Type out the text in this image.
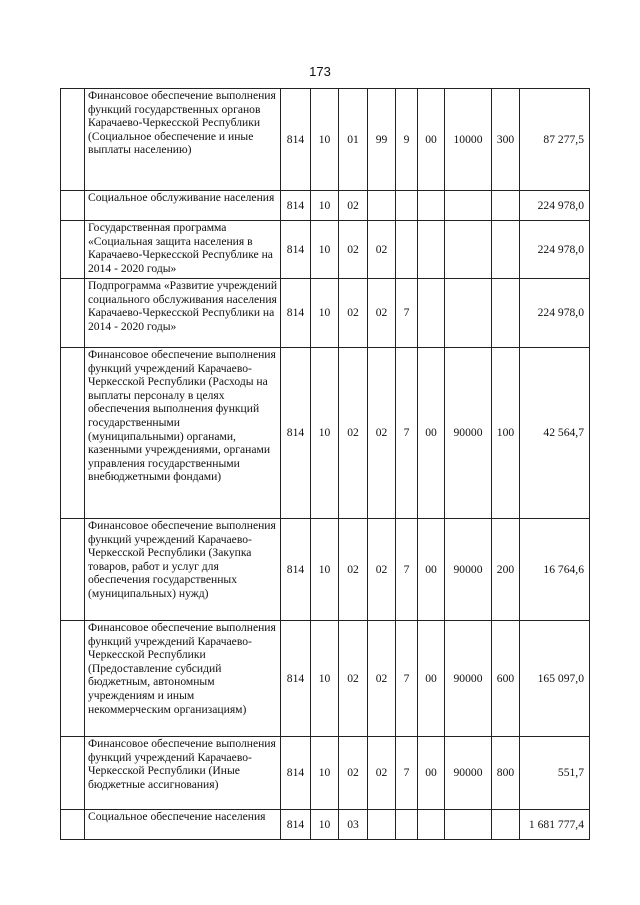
173
	Финансовое обеспечение выполнения функций государственных органов Карачаево-Черкесской Республики (Социальное обеспечение и иные выплаты населению)	814	10	01	99	9	00	10000	300	87 277,5
	Социальное обслуживание населения	814	10	02						224 978,0
	Государственная программа «Социальная защита населения в Карачаево-Черкесской Республике на 2014 - 2020 годы»	814	10	02	02					224 978,0
	Подпрограмма «Развитие учреждений социального обслуживания населения Карачаево-Черкесской Республики на 2014 - 2020 годы»	814	10	02	02	7				224 978,0
	Финансовое обеспечение выполнения функций учреждений Карачаево-Черкесской Республики (Расходы на выплаты персоналу в целях обеспечения выполнения функций государственными (муниципальными) органами, казенными учреждениями, органами управления государственными внебюджетными фондами)	814	10	02	02	7	00	90000	100	42 564,7
	Финансовое обеспечение выполнения функций учреждений Карачаево-Черкесской Республики (Закупка товаров, работ и услуг для обеспечения государственных (муниципальных) нужд)	814	10	02	02	7	00	90000	200	16 764,6
	Финансовое обеспечение выполнения функций учреждений Карачаево-Черкесской Республики (Предоставление субсидий бюджетным, автономным учреждениям и иным некоммерческим организациям)	814	10	02	02	7	00	90000	600	165 097,0
	Финансовое обеспечение выполнения функций учреждений Карачаево-Черкесской Республики (Иные бюджетные ассигнования)	814	10	02	02	7	00	90000	800	551,7
	Социальное обеспечение населения	814	10	03						1 681 777,4
